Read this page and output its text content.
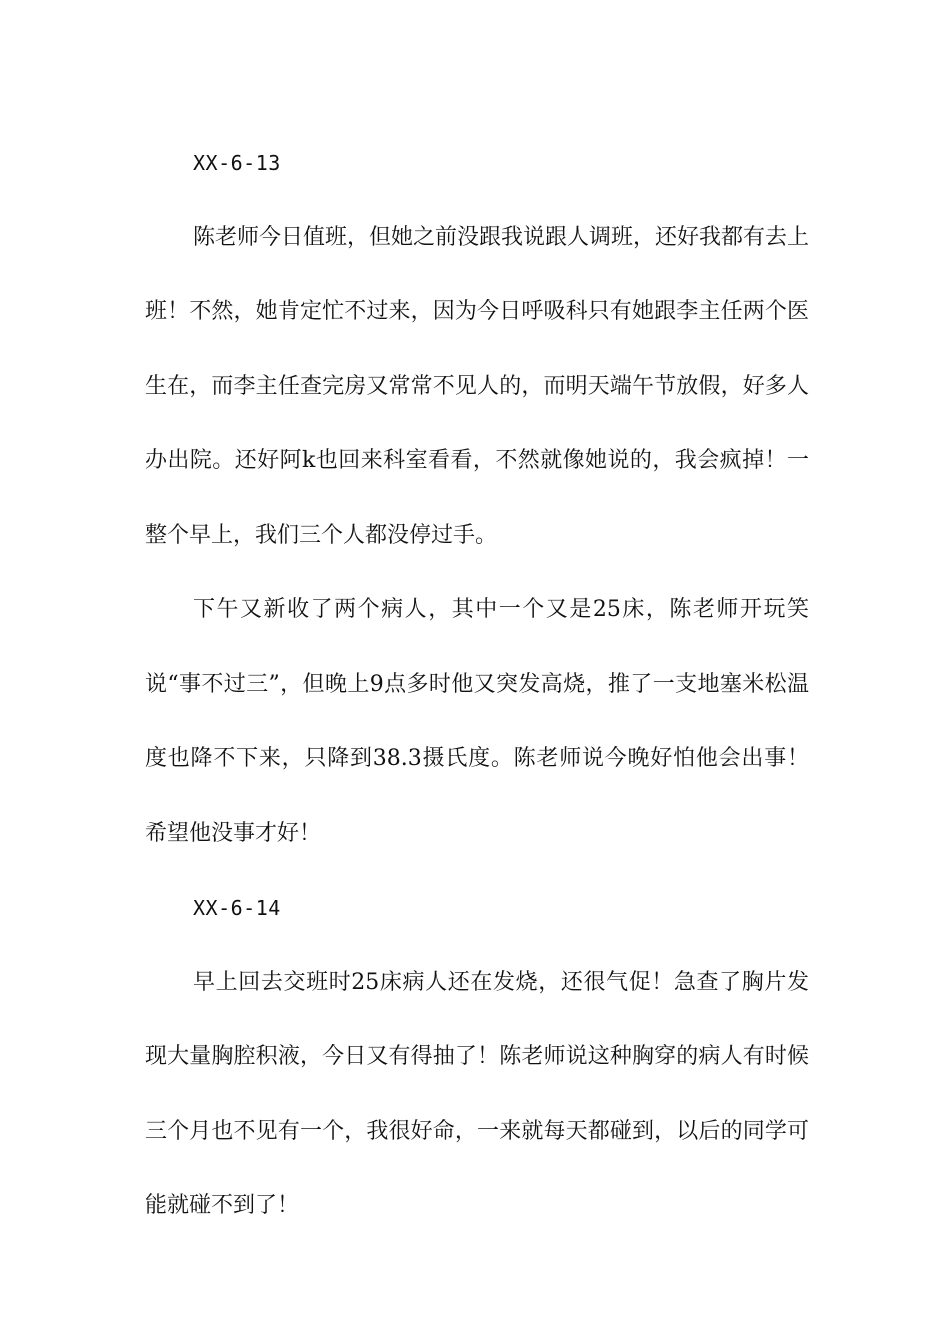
XX-6-13

陈老师今日值班，但她之前没跟我说跟人调班，还好我都有去上班！不然，她肯定忙不过来，因为今日呼吸科只有她跟李主任两个医生在，而李主任查完房又常常不见人的，而明天端午节放假，好多人办出院。还好阿k也回来科室看看，不然就像她说的，我会疯掉！一整个早上，我们三个人都没停过手。

下午又新收了两个病人，其中一个又是25床，陈老师开玩笑说“事不过三”，但晚上9点多时他又突发高烧，推了一支地塞米松温度也降不下来，只降到38.3摄氏度。陈老师说今晚好怕他会出事！希望他没事才好！

XX-6-14

早上回去交班时25床病人还在发烧，还很气促！急查了胸片发现大量胸腔积液，今日又有得抽了！陈老师说这种胸穿的病人有时候三个月也不见有一个，我很好命，一来就每天都碰到，以后的同学可能就碰不到了！
